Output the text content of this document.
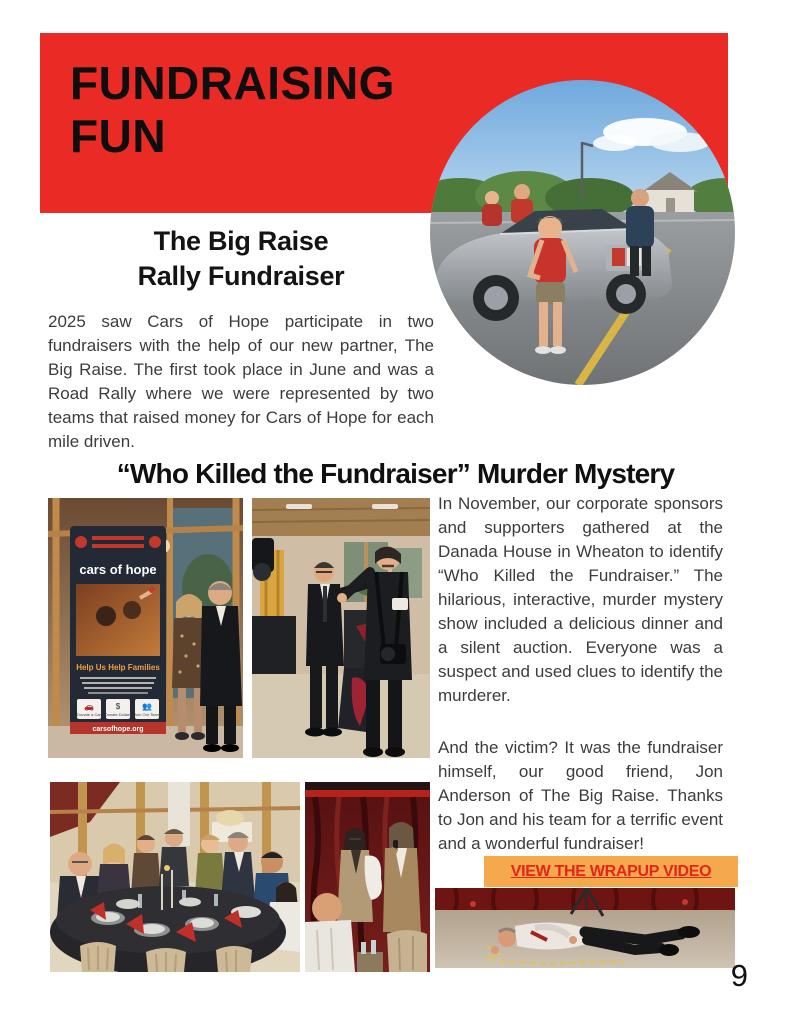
FUNDRAISING
FUN
The Big Raise
Rally Fundraiser

2025 saw Cars of Hope participate in two fundraisers with the help of our new partner, The Big Raise. The first took place in June and was a Road Rally where we were represented by two teams that raised money for Cars of Hope for each mile driven.

“Who Killed the Fundraiser” Murder Mystery
cars of hope
Help Us Help Families
🚗	$	👥
Donate a Car Donate Dollars Join Our Team
carsofhope.org

In November, our corporate sponsors and supporters gathered at the Danada House in Wheaton to identify “Who Killed the Fundraiser.” The hilarious, interactive, murder mystery show included a delicious dinner and a silent auction. Everyone was a suspect and used clues to identify the murderer.

And the victim? It was the fundraiser himself, our good friend, Jon Anderson of The Big Raise. Thanks to Jon and his team for a terrific event and a wonderful fundraiser!

VIEW THE WRAPUP VIDEO
9
